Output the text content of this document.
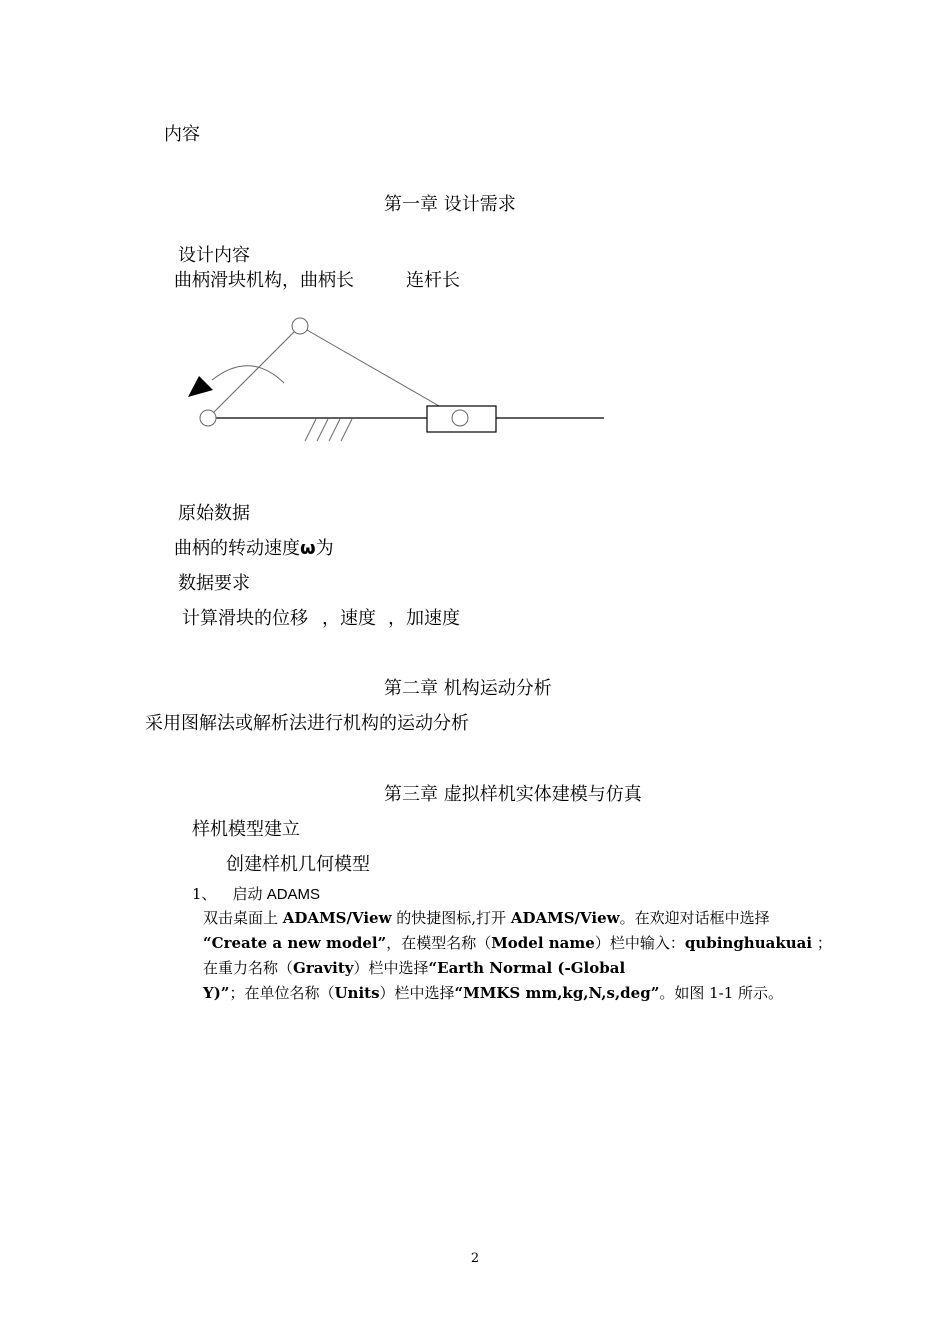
内容
第一章 设计需求
设计内容
曲柄滑块机构，曲柄长	连杆长
原始数据
曲柄的转动速度ω为
数据要求
计算滑块的位移 ，速度 ，加速度
第二章 机构运动分析
采用图解法或解析法进行机构的运动分析
第三章 虚拟样机实体建模与仿真
样机模型建立
创建样机几何模型
1、 启动 ADAMS
双击桌面上 ADAMS/View 的快捷图标,打开 ADAMS/View。在欢迎对话框中选择
“Create a new model”，在模型名称（Model name）栏中输入：qubinghuakuai ；
在重力名称（Gravity）栏中选择“Earth Normal (-Global
Y)”；在单位名称（Units）栏中选择“MMKS mm,kg,N,s,deg”。如图 1-1 所示。
2
